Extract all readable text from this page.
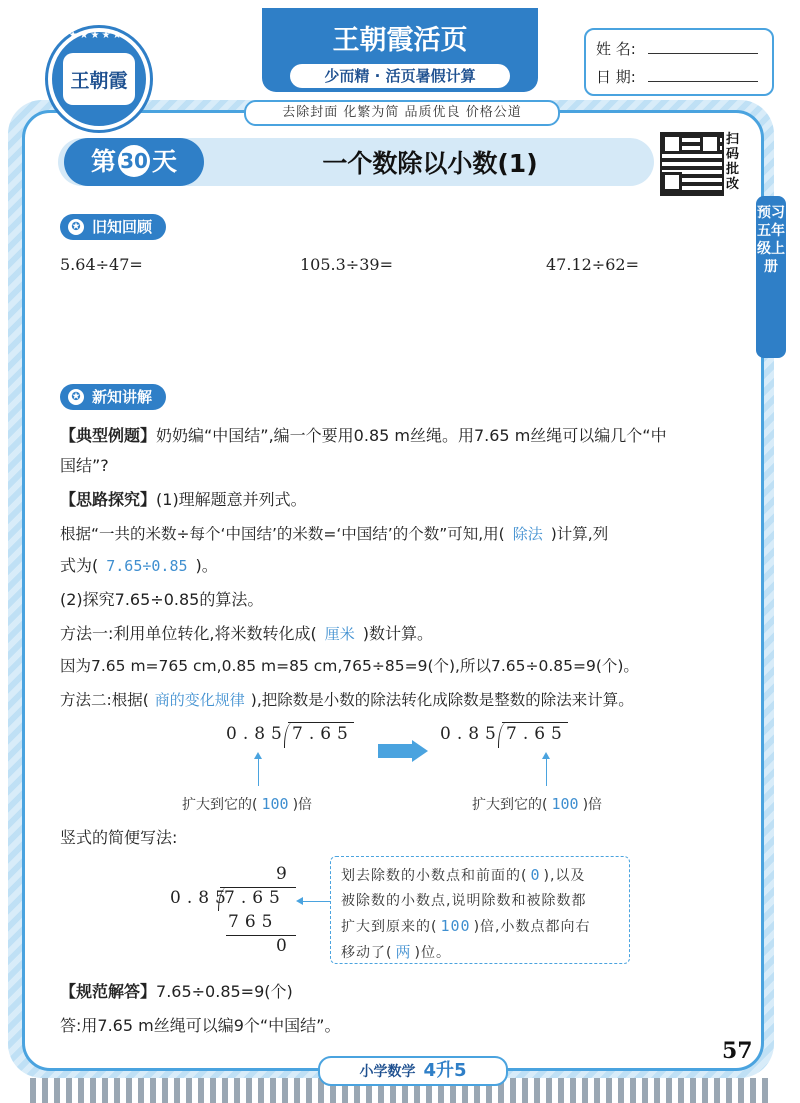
王朝霞
★★★★★	王朝霞活页
少而精 · 活页暑假计算
去除封面 化繁为简 品质优良 价格公道
姓 名:
日 期:
第 30 天	一个数除以小数(1)
扫码批改
预习五年级上册
✪ 旧知回顾
5.64÷47=	105.3÷39=	47.12÷62=
✪ 新知讲解
【典型例题】奶奶编“中国结”,编一个要用0.85 m丝绳。用7.65 m丝绳可以编几个“中
国结”?
【思路探究】(1)理解题意并列式。
根据“一共的米数÷每个‘中国结’的米数=‘中国结’的个数”可知,用( 除法 )计算,列
式为( 7.65÷0.85 )。
(2)探究7.65÷0.85的算法。
方法一:利用单位转化,将米数转化成( 厘米 )数计算。
因为7.65 m=765 cm,0.85 m=85 cm,765÷85=9(个),所以7.65÷0.85=9(个)。
方法二:根据( 商的变化规律 ),把除数是小数的除法转化成除数是整数的除法来计算。
0.85 7.65
扩大到它的( 100 )倍
0.85 7.65
扩大到它的( 100 )倍
竖式的简便写法:
9
0.85
7.65
765
0
划去除数的小数点和前面的( 0 ),以及
被除数的小数点,说明除数和被除数都
扩大到原来的( 100 )倍,小数点都向右
移动了( 两 )位。
【规范解答】7.65÷0.85=9(个)
答:用7.65 m丝绳可以编9个“中国结”。
57
小学数学 4升5
